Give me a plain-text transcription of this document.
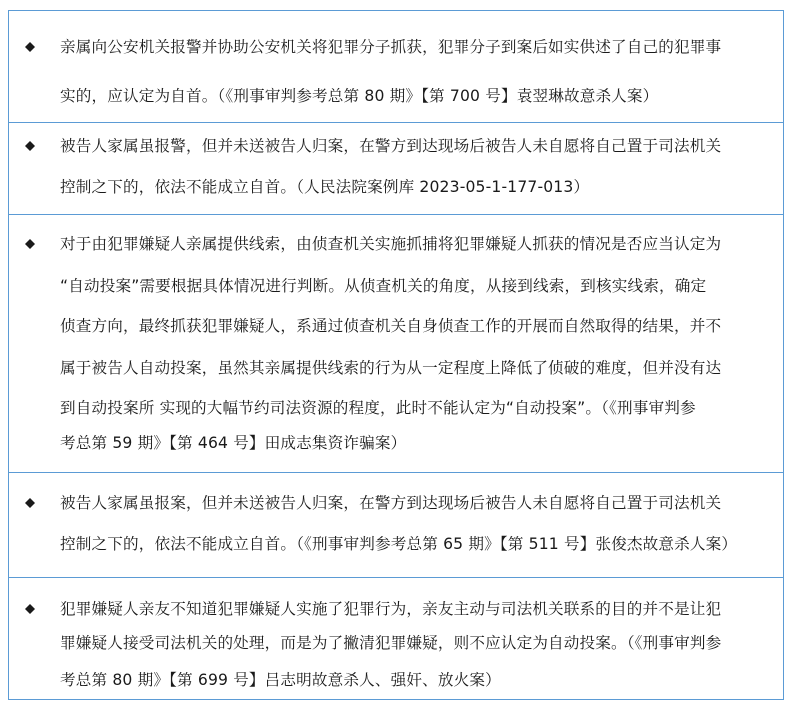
亲属向公安机关报警并协助公安机关将犯罪分子抓获，犯罪分子到案后如实供述了自己的犯罪事
实的，应认定为自首。（《刑事审判参考总第 80 期》【第 700 号】袁翌琳故意杀人案）
被告人家属虽报警，但并未送被告人归案，在警方到达现场后被告人未自愿将自己置于司法机关
控制之下的，依法不能成立自首。（人民法院案例库 2023-05-1-177-013）
对于由犯罪嫌疑人亲属提供线索，由侦查机关实施抓捕将犯罪嫌疑人抓获的情况是否应当认定为
“自动投案”需要根据具体情况进行判断。从侦查机关的角度，从接到线索，到核实线索，确定
侦查方向，最终抓获犯罪嫌疑人，系通过侦查机关自身侦查工作的开展而自然取得的结果，并不
属于被告人自动投案，虽然其亲属提供线索的行为从一定程度上降低了侦破的难度，但并没有达
到自动投案所 实现的大幅节约司法资源的程度，此时不能认定为“自动投案”。（《刑事审判参
考总第 59 期》【第 464 号】田成志集资诈骗案）
被告人家属虽报案，但并未送被告人归案，在警方到达现场后被告人未自愿将自己置于司法机关
控制之下的，依法不能成立自首。（《刑事审判参考总第 65 期》【第 511 号】张俊杰故意杀人案）
犯罪嫌疑人亲友不知道犯罪嫌疑人实施了犯罪行为，亲友主动与司法机关联系的目的并不是让犯
罪嫌疑人接受司法机关的处理，而是为了撇清犯罪嫌疑，则不应认定为自动投案。（《刑事审判参
考总第 80 期》【第 699 号】吕志明故意杀人、强奸、放火案）
